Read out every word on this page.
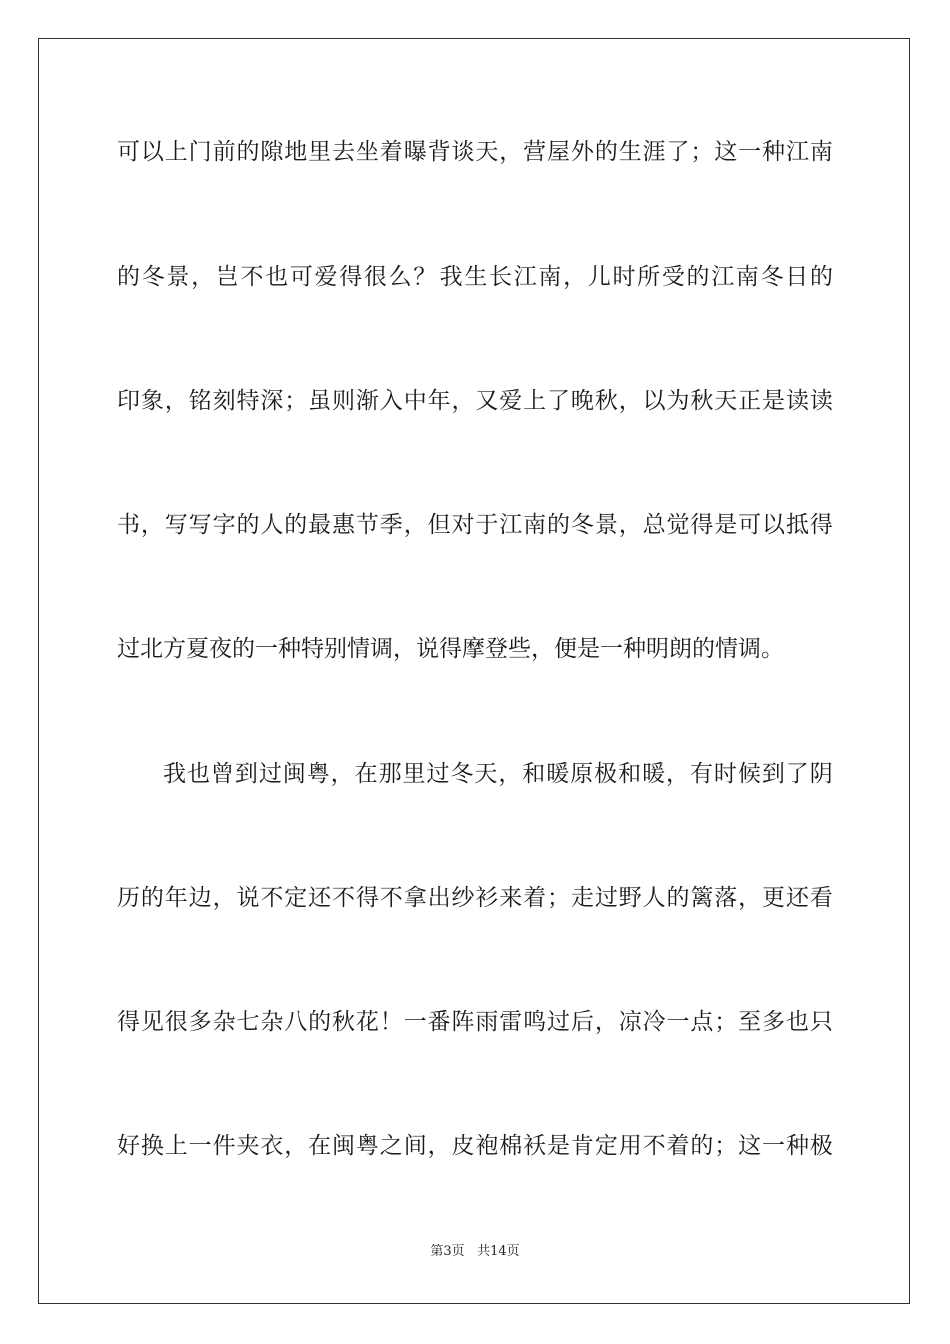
可 以 上 门 前 的 隙 地 里 去 坐 着 曝 背 谈 天 ， 营 屋 外 的 生 涯 了 ； 这 一 种 江 南
的 冬 景 ， 岂 不 也 可 爱 得 很 么 ？ 我 生 长 江 南 ， 儿 时 所 受 的 江 南 冬 日 的
印 象 ， 铭 刻 特 深 ； 虽 则 渐 入 中 年 ， 又 爱 上 了 晚 秋 ， 以 为 秋 天 正 是 读 读
书 ， 写 写 字 的 人 的 最 惠 节 季 ， 但 对 于 江 南 的 冬 景 ， 总 觉 得 是 可 以 抵 得
过北方夏夜的一种特别情调，说得摩登些，便是一种明朗的情调。
我 也 曾 到 过 闽 粤 ， 在 那 里 过 冬 天 ， 和 暖 原 极 和 暖 ， 有 时 候 到 了 阴
历 的 年 边 ， 说 不 定 还 不 得 不 拿 出 纱 衫 来 着 ； 走 过 野 人 的 篱 落 ， 更 还 看
得 见 很 多 杂 七 杂 八 的 秋 花 ！ 一 番 阵 雨 雷 鸣 过 后 ， 凉 冷 一 点 ； 至 多 也 只
好 换 上 一 件 夹 衣 ， 在 闽 粤 之 间 ， 皮 袍 棉 袄 是 肯 定 用 不 着 的 ； 这 一 种 极
第3页 共14页
